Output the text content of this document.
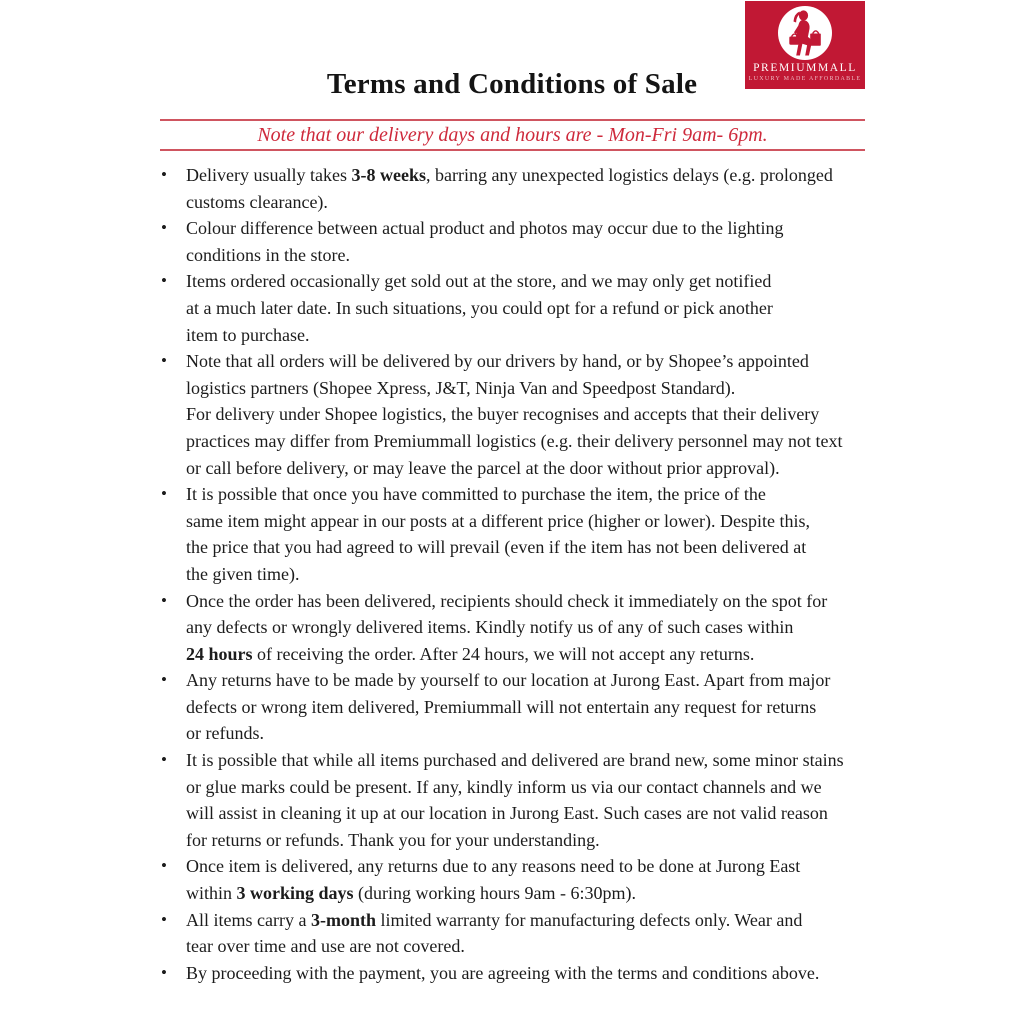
Terms and Conditions of Sale	PREMIUMMALL
LUXURY MADE AFFORDABLE
Note that our delivery days and hours are - Mon-Fri 9am- 6pm.
• Delivery usually takes 3-8 weeks, barring any unexpected logistics delays (e.g. prolonged
customs clearance).
• Colour difference between actual product and photos may occur due to the lighting
conditions in the store.
• Items ordered occasionally get sold out at the store, and we may only get notified
at a much later date. In such situations, you could opt for a refund or pick another
item to purchase.
• Note that all orders will be delivered by our drivers by hand, or by Shopee’s appointed
logistics partners (Shopee Xpress, J&T, Ninja Van and Speedpost Standard).
For delivery under Shopee logistics, the buyer recognises and accepts that their delivery
practices may differ from Premiummall logistics (e.g. their delivery personnel may not text
or call before delivery, or may leave the parcel at the door without prior approval).
• It is possible that once you have committed to purchase the item, the price of the
same item might appear in our posts at a different price (higher or lower). Despite this,
the price that you had agreed to will prevail (even if the item has not been delivered at
the given time).
• Once the order has been delivered, recipients should check it immediately on the spot for
any defects or wrongly delivered items. Kindly notify us of any of such cases within
24 hours of receiving the order. After 24 hours, we will not accept any returns.
• Any returns have to be made by yourself to our location at Jurong East. Apart from major
defects or wrong item delivered, Premiummall will not entertain any request for returns
or refunds.
• It is possible that while all items purchased and delivered are brand new, some minor stains
or glue marks could be present. If any, kindly inform us via our contact channels and we
will assist in cleaning it up at our location in Jurong East. Such cases are not valid reason
for returns or refunds. Thank you for your understanding.
• Once item is delivered, any returns due to any reasons need to be done at Jurong East
within 3 working days (during working hours 9am - 6:30pm).
• All items carry a 3-month limited warranty for manufacturing defects only. Wear and
tear over time and use are not covered.
• By proceeding with the payment, you are agreeing with the terms and conditions above.
